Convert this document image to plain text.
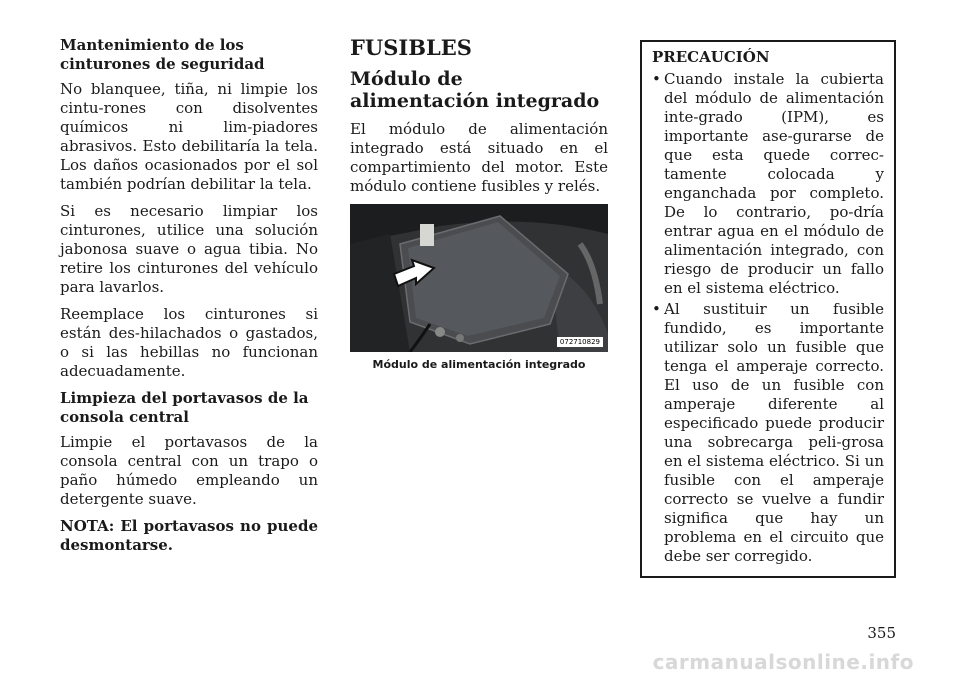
Mantenimiento de los cinturones de seguridad

No blanquee, tiña, ni limpie los cintu-rones con disolventes químicos ni lim-piadores abrasivos. Esto debilitaría la tela. Los daños ocasionados por el sol también podrían debilitar la tela.

Si es necesario limpiar los cinturones, utilice una solución jabonosa suave o agua tibia. No retire los cinturones del vehículo para lavarlos.

Reemplace los cinturones si están des-hilachados o gastados, o si las hebillas no funcionan adecuadamente.

Limpieza del portavasos de la consola central

Limpie el portavasos de la consola central con un trapo o paño húmedo empleando un detergente suave.

NOTA: El portavasos no puede desmontarse.

FUSIBLES
Módulo de alimentación integrado

El módulo de alimentación integrado está situado en el compartimiento del motor. Este módulo contiene fusibles y relés.

072710829
Módulo de alimentación integrado
PRECAUCIÓN
• Cuando instale la cubierta del módulo de alimentación inte-grado (IPM), es importante ase-gurarse de que esta quede correc-tamente colocada y enganchada por completo. De lo contrario, po-dría entrar agua en el módulo de alimentación integrado, con riesgo de producir un fallo en el sistema eléctrico.
• Al sustituir un fusible fundido, es importante utilizar solo un fusible que tenga el amperaje correcto. El uso de un fusible con amperaje diferente al especificado puede producir una sobrecarga peli-grosa en el sistema eléctrico. Si un fusible con el amperaje correcto se vuelve a fundir significa que hay un problema en el circuito que debe ser corregido.
355
carmanualsonline.info
